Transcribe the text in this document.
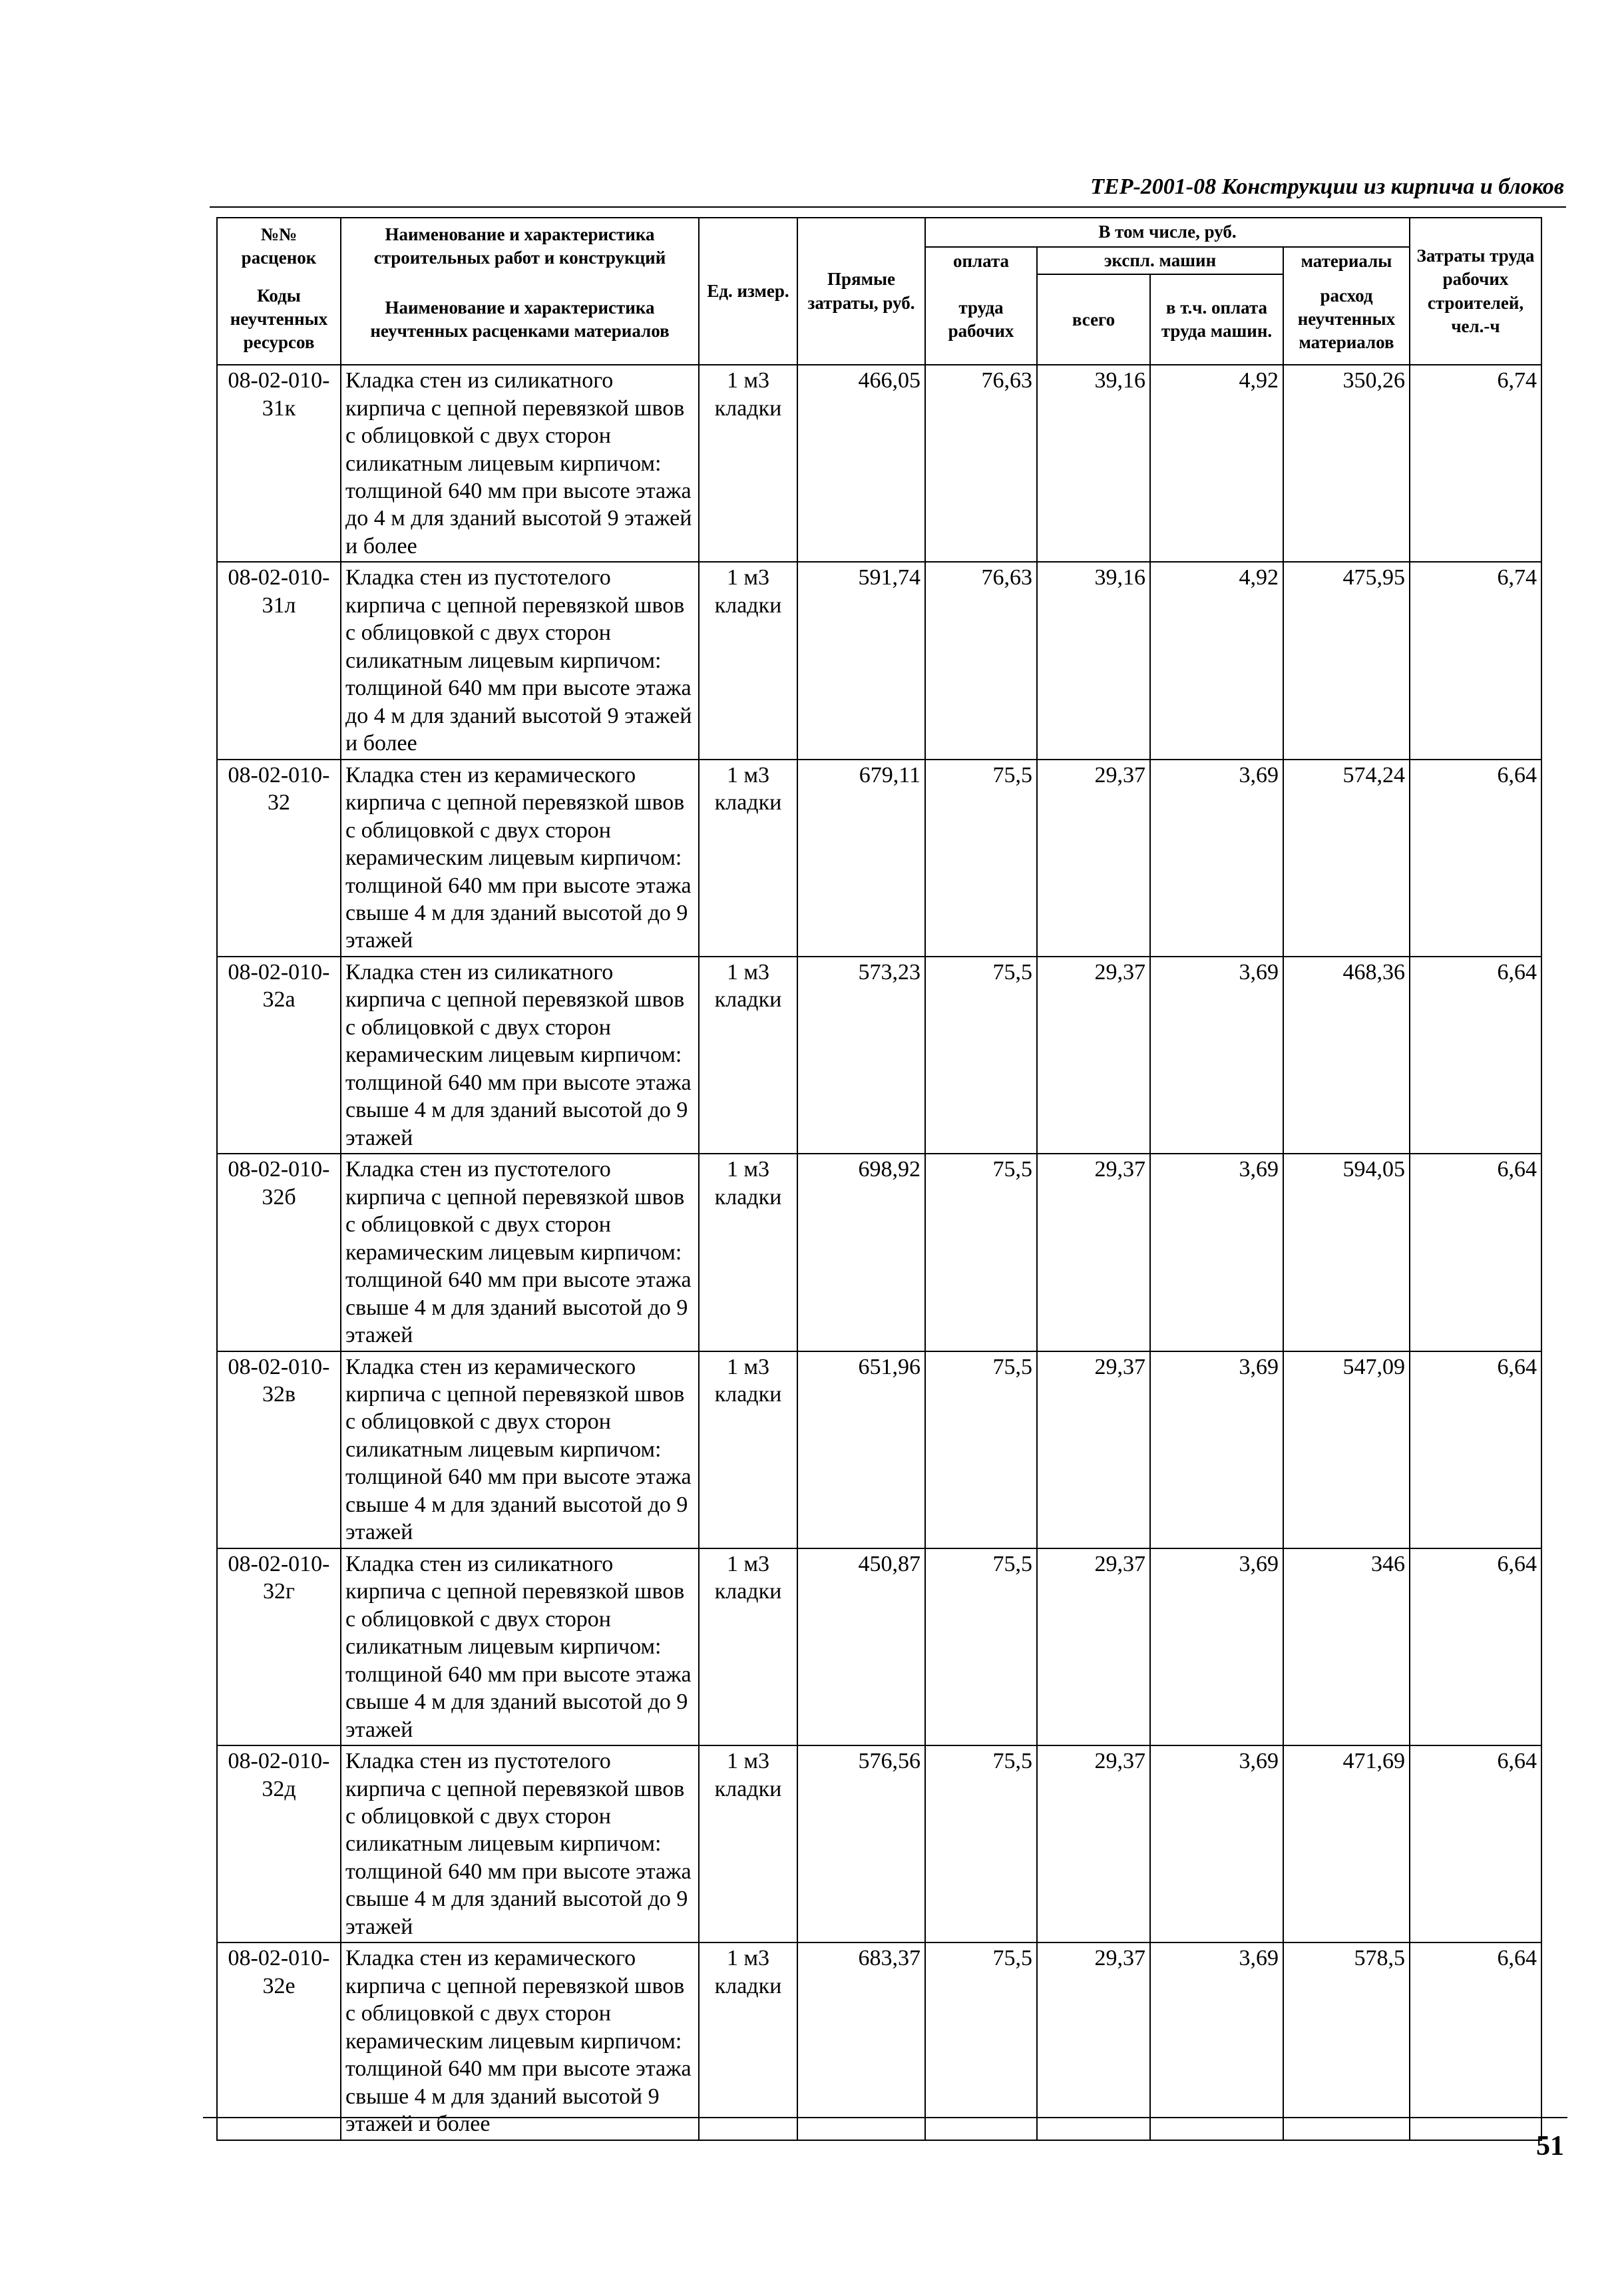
ТЕР-2001-08 Конструкции из кирпича и блоков
№№ расценок	Наименование и характеристика строительных работ и конструкций	Ед. измер.	Прямые затраты, руб.	В том числе, руб.				Затраты труда рабочих строителей, чел.-ч
				оплата	экспл. машин		материалы	
Коды неучтенных ресурсов	Наименование и характеристика неучтенных расценками материалов			труда рабочих	всего	в т.ч. оплата труда машин.	расход неучтенных материалов	

08-02-010-31к	Кладка стен из силикатного кирпича с цепной перевязкой швов с облицовкой с двух сторон силикатным лицевым кирпичом: толщиной 640 мм при высоте этажа до 4 м для зданий высотой 9 этажей и более	1 м3 кладки	466,05	76,63	39,16	4,92	350,26	6,74
08-02-010-31л	Кладка стен из пустотелого кирпича с цепной перевязкой швов с облицовкой с двух сторон силикатным лицевым кирпичом: толщиной 640 мм при высоте этажа до 4 м для зданий высотой 9 этажей и более	1 м3 кладки	591,74	76,63	39,16	4,92	475,95	6,74
08-02-010-32	Кладка стен из керамического кирпича с цепной перевязкой швов с облицовкой с двух сторон керамическим лицевым кирпичом: толщиной 640 мм при высоте этажа свыше 4 м для зданий высотой до 9 этажей	1 м3 кладки	679,11	75,5	29,37	3,69	574,24	6,64
08-02-010-32а	Кладка стен из силикатного кирпича с цепной перевязкой швов с облицовкой с двух сторон керамическим лицевым кирпичом: толщиной 640 мм при высоте этажа свыше 4 м для зданий высотой до 9 этажей	1 м3 кладки	573,23	75,5	29,37	3,69	468,36	6,64
08-02-010-32б	Кладка стен из пустотелого кирпича с цепной перевязкой швов с облицовкой с двух сторон керамическим лицевым кирпичом: толщиной 640 мм при высоте этажа свыше 4 м для зданий высотой до 9 этажей	1 м3 кладки	698,92	75,5	29,37	3,69	594,05	6,64
08-02-010-32в	Кладка стен из керамического кирпича с цепной перевязкой швов с облицовкой с двух сторон силикатным лицевым кирпичом: толщиной 640 мм при высоте этажа свыше 4 м для зданий высотой до 9 этажей	1 м3 кладки	651,96	75,5	29,37	3,69	547,09	6,64
08-02-010-32г	Кладка стен из силикатного кирпича с цепной перевязкой швов с облицовкой с двух сторон силикатным лицевым кирпичом: толщиной 640 мм при высоте этажа свыше 4 м для зданий высотой до 9 этажей	1 м3 кладки	450,87	75,5	29,37	3,69	346	6,64
08-02-010-32д	Кладка стен из пустотелого кирпича с цепной перевязкой швов с облицовкой с двух сторон силикатным лицевым кирпичом: толщиной 640 мм при высоте этажа свыше 4 м для зданий высотой до 9 этажей	1 м3 кладки	576,56	75,5	29,37	3,69	471,69	6,64
08-02-010-32е	Кладка стен из керамического кирпича с цепной перевязкой швов с облицовкой с двух сторон керамическим лицевым кирпичом: толщиной 640 мм при высоте этажа свыше 4 м для зданий высотой 9 этажей и более	1 м3 кладки	683,37	75,5	29,37	3,69	578,5	6,64
51
